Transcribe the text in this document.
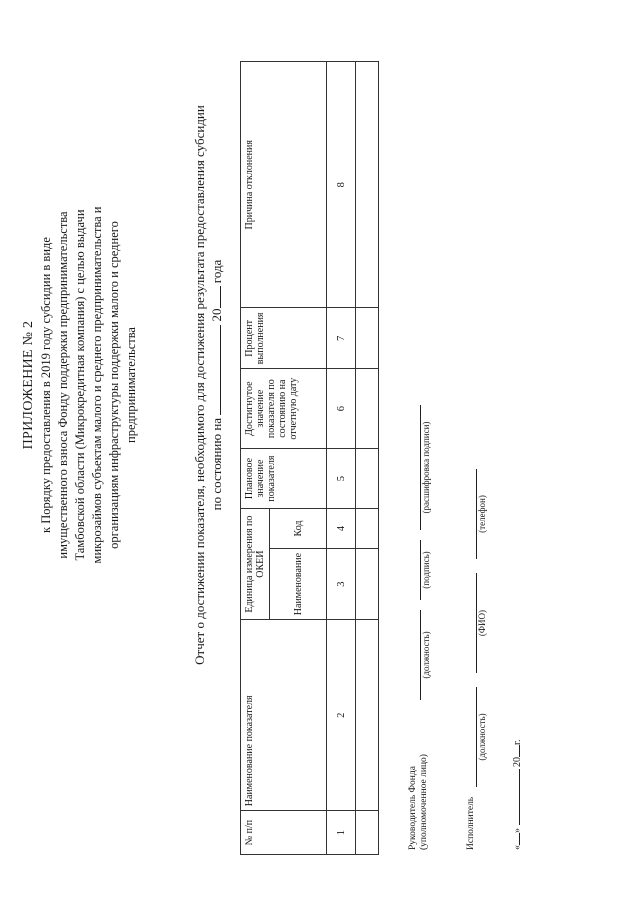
ПРИЛОЖЕНИЕ № 2 к Порядку предоставления в 2019 году субсидии в виде имущественного взноса Фонду поддержки предпринимательства Тамбовской области (Микрокредитная компания) с целью выдачи микрозаймов субъектам малого и среднего предпринимательства и организациям инфраструктуры поддержки малого и среднего предпринимательства	Отчет о достижении показателя, необходимого для достижения результата предоставления субсидии по состоянию на  20 года
№ п/п	Наименование показателя	Единица измерения по ОКЕИ		Плановое значение показателя	Достигнутое значение показателя по состоянию на отчетную дату	Процент выполнения	Причина отклонения
		Наименование	Код				
1	2	3	4	5	6	7	8

Руководитель Фонда (уполномоченное лицо)
(должность)
(подпись)
(расшифровка подписи)
Исполнитель
(должность)
(ФИО)
(телефон)
«»  20г.
